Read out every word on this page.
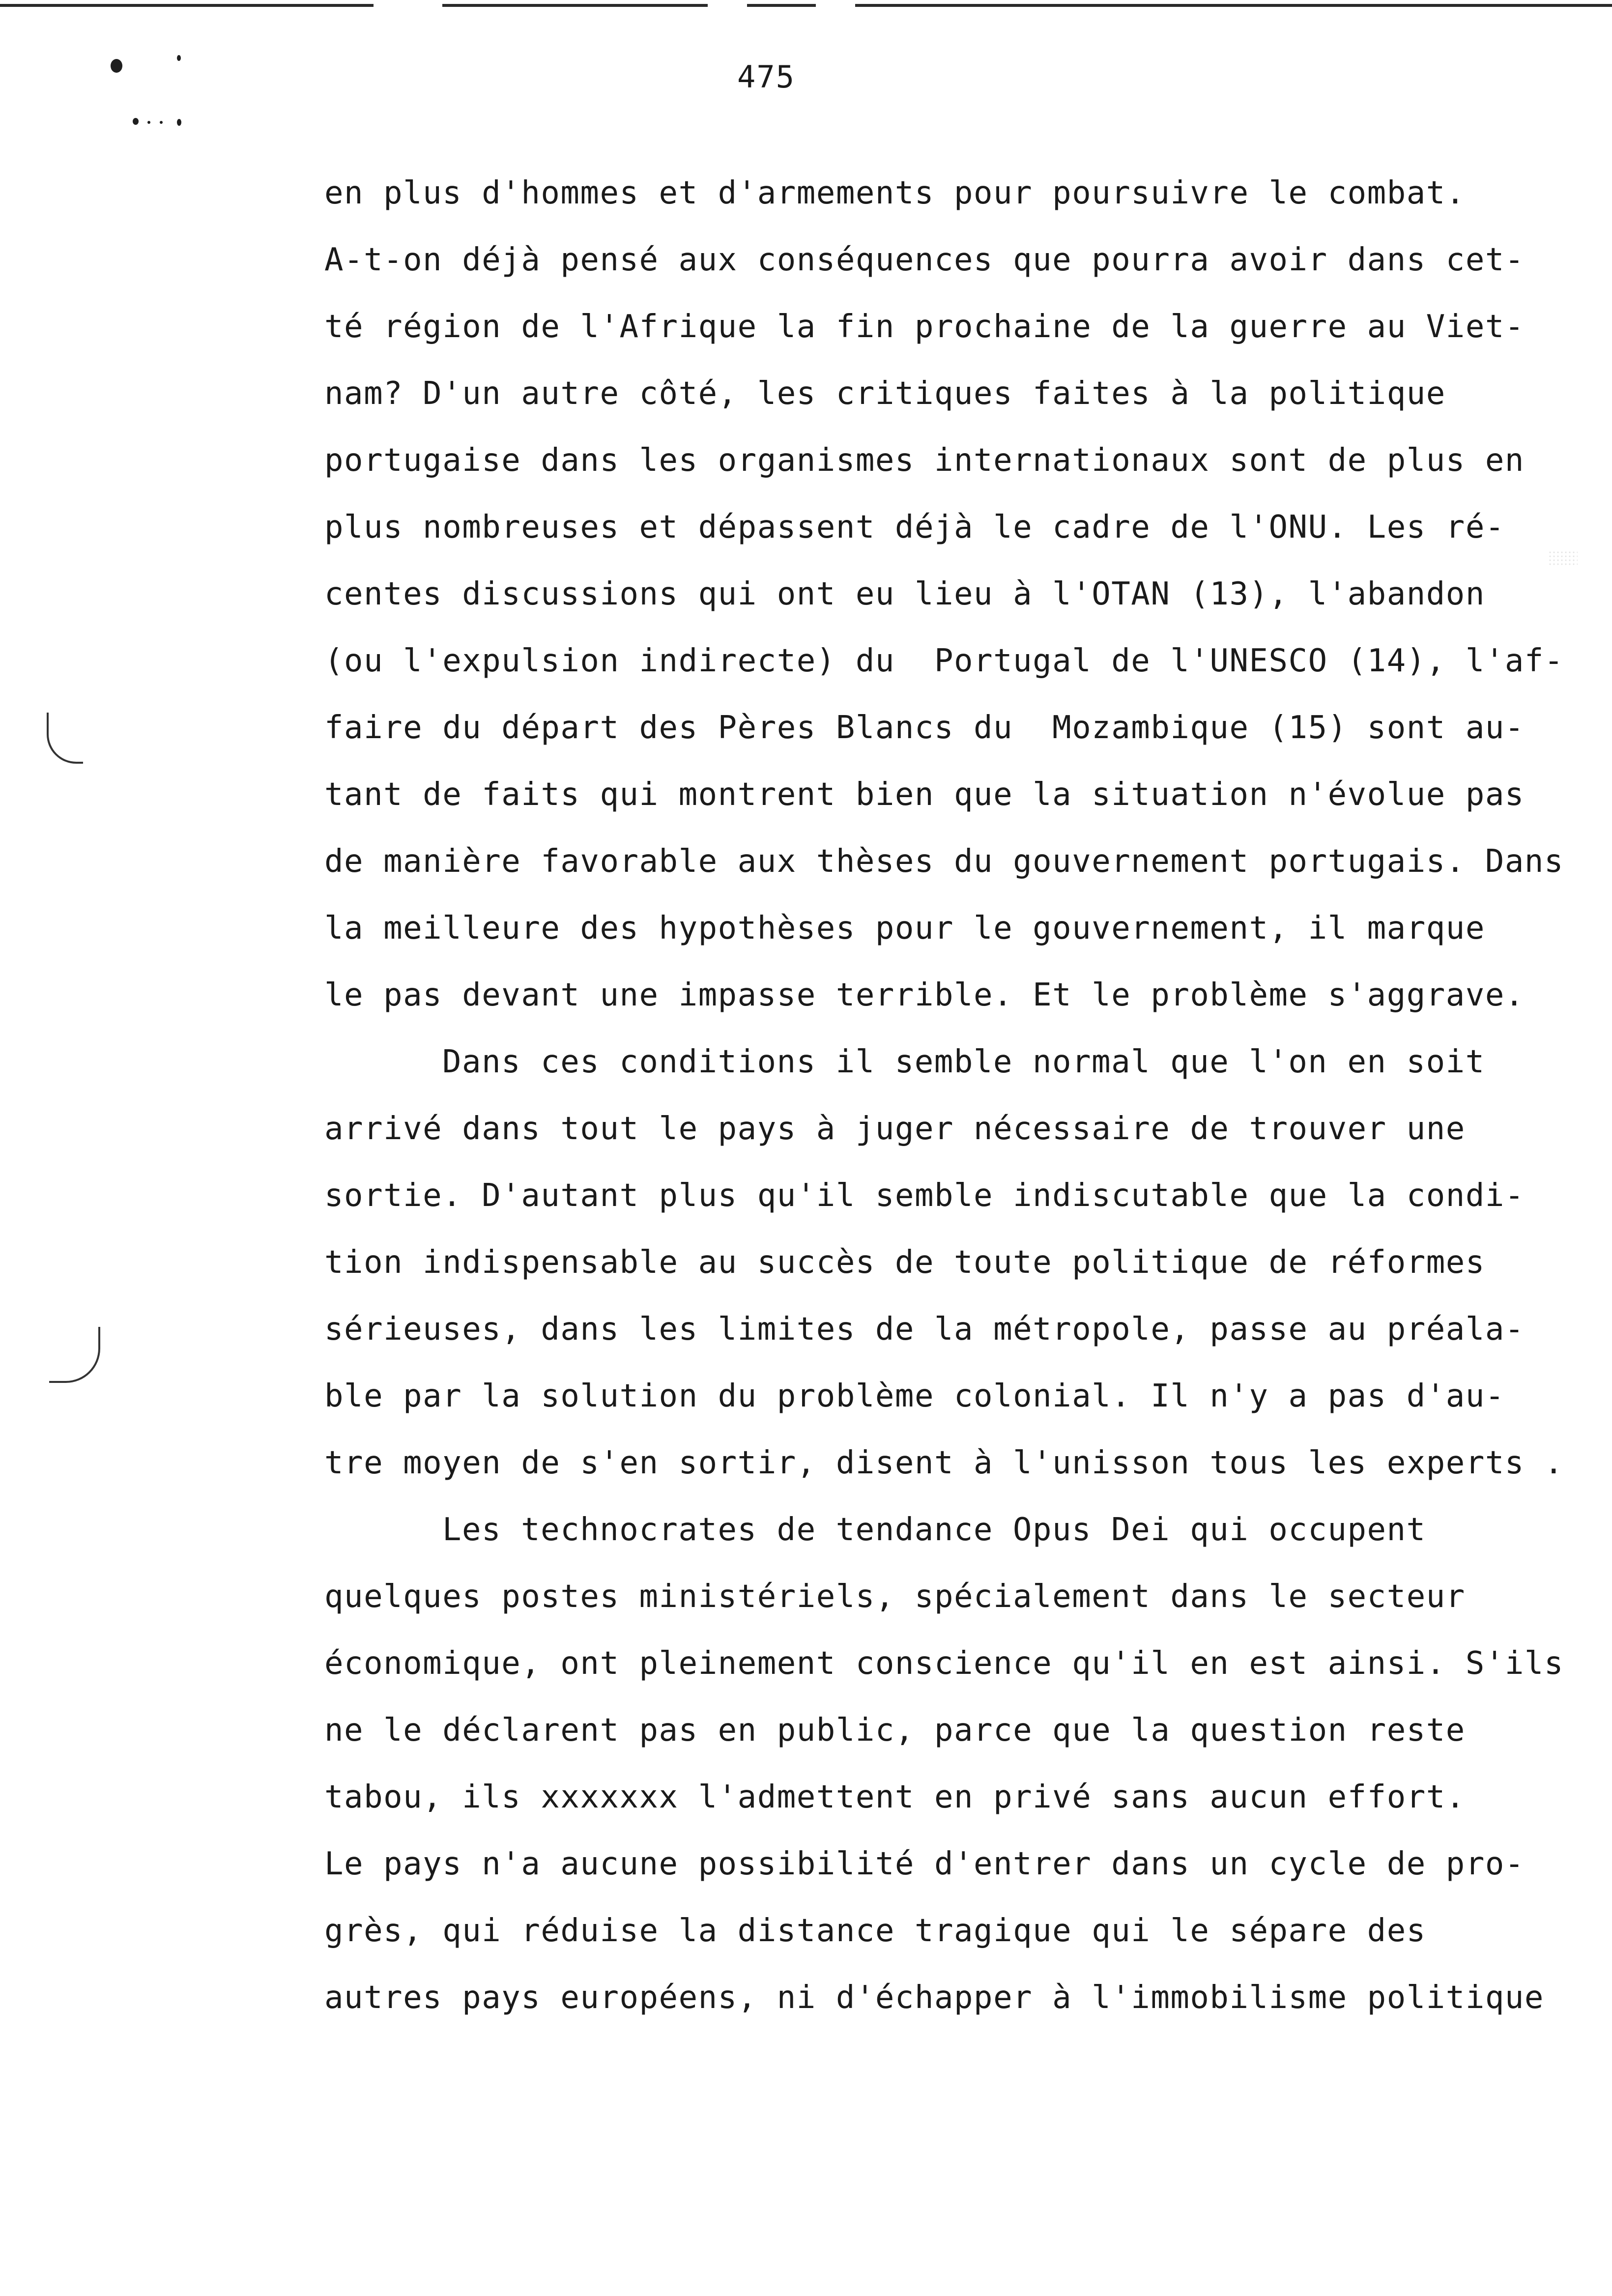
475
en plus d'hommes et d'armements pour poursuivre le combat.
A-t-on déjà pensé aux conséquences que pourra avoir dans cet-
té région de l'Afrique la fin prochaine de la guerre au Viet-
nam? D'un autre côté, les critiques faites à la politique
portugaise dans les organismes internationaux sont de plus en
plus nombreuses et dépassent déjà le cadre de l'ONU. Les ré-
centes discussions qui ont eu lieu à l'OTAN (13), l'abandon
(ou l'expulsion indirecte) du  Portugal de l'UNESCO (14), l'af-
faire du départ des Pères Blancs du  Mozambique (15) sont au-
tant de faits qui montrent bien que la situation n'évolue pas
de manière favorable aux thèses du gouvernement portugais. Dans
la meilleure des hypothèses pour le gouvernement, il marque
le pas devant une impasse terrible. Et le problème s'aggrave.
Dans ces conditions il semble normal que l'on en soit
arrivé dans tout le pays à juger nécessaire de trouver une
sortie. D'autant plus qu'il semble indiscutable que la condi-
tion indispensable au succès de toute politique de réformes
sérieuses, dans les limites de la métropole, passe au préala-
ble par la solution du problème colonial. Il n'y a pas d'au-
tre moyen de s'en sortir, disent à l'unisson tous les experts .
Les technocrates de tendance Opus Dei qui occupent
quelques postes ministériels, spécialement dans le secteur
économique, ont pleinement conscience qu'il en est ainsi. S'ils
ne le déclarent pas en public, parce que la question reste
tabou, ils xxxxxxx l'admettent en privé sans aucun effort.
Le pays n'a aucune possibilité d'entrer dans un cycle de pro-
grès, qui réduise la distance tragique qui le sépare des
autres pays européens, ni d'échapper à l'immobilisme politique
